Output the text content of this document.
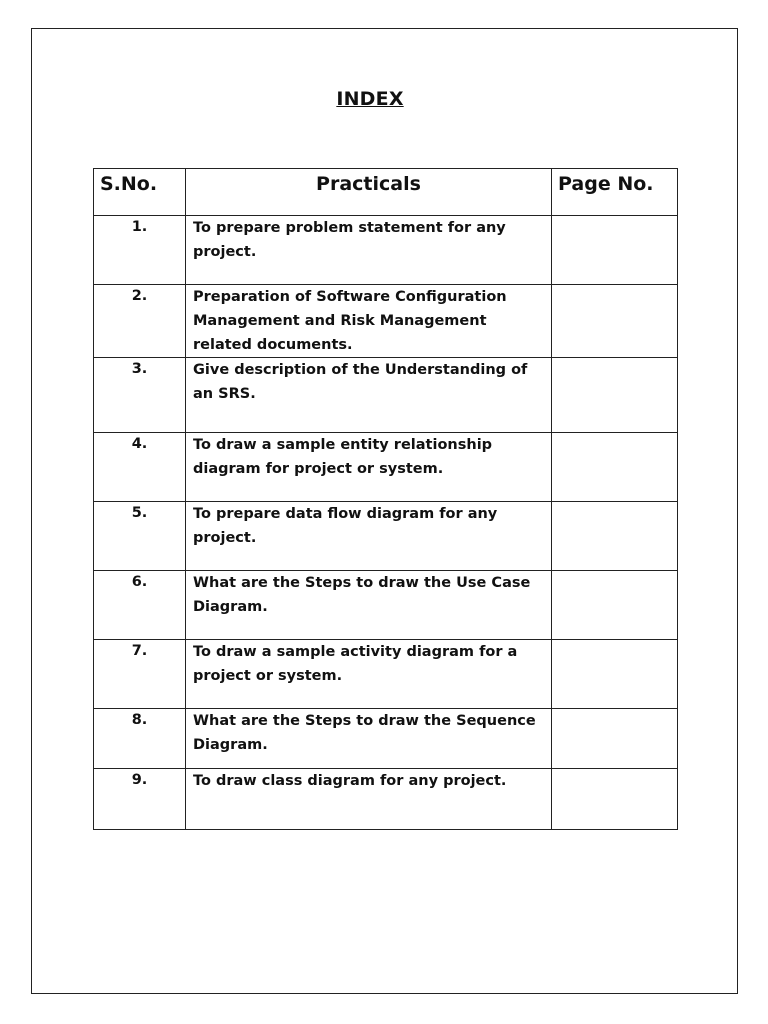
INDEX
S.No.	Practicals	Page No.
1.	To prepare problem statement for any project.	
2.	Preparation of Software Configuration Management and Risk Management related documents.	
3.	Give description of the Understanding of an SRS.	
4.	To draw a sample entity relationship diagram for project or system.	
5.	To prepare data flow diagram for any project.	
6.	What are the Steps to draw the Use Case Diagram.	
7.	To draw a sample activity diagram for a project or system.	
8.	What are the Steps to draw the Sequence Diagram.	
9.	To draw class diagram for any project.	
